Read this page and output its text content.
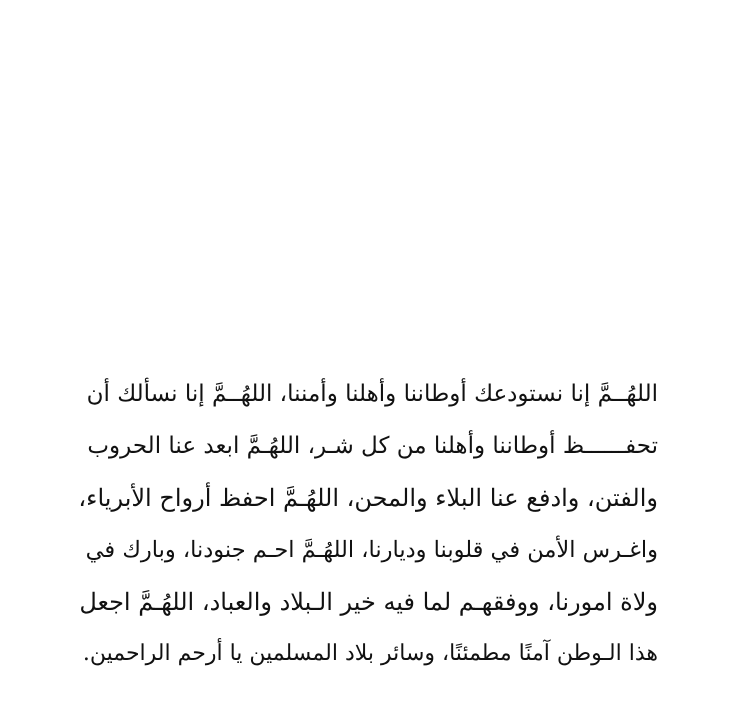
اللهُــمَّ إنا نستودعك أوطاننا وأهلنا وأمننا، اللهُــمَّ إنا نسألك أن
تحفــــــظ أوطاننا وأهلنا من كل شـر، اللهُـمَّ ابعد عنا الحروب
والفتن، وادفع عنا البلاء والمحن، اللهُـمَّ احفظ أرواح الأبرياء،
واغـرس الأمن في قلوبنا وديارنا، اللهُـمَّ احـم جنودنا، وبارك في
ولاة امورنا، ووفقهـم لما فيه خير الـبلاد والعباد، اللهُـمَّ اجعل
هذا الـوطن آمنًا مطمئنًا، وسائر بلاد المسلمين يا أرحم الراحمين.
